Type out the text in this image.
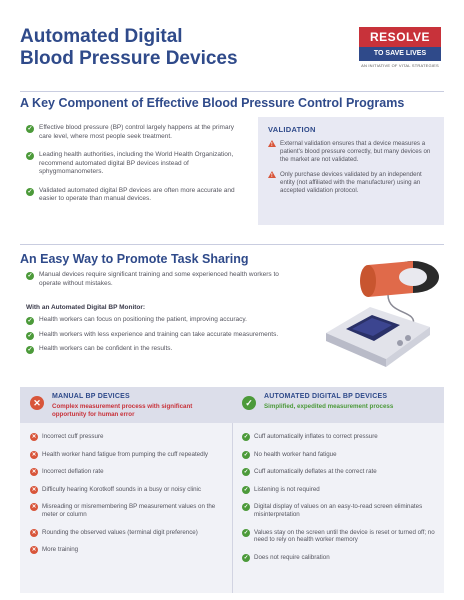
Automated Digital
Blood Pressure Devices
RESOLVE
TO SAVE LIVES
AN INITIATIVE OF VITAL STRATEGIES
A Key Component of Effective Blood Pressure Control Programs
✓ Effective blood pressure (BP) control largely happens at the primary care level, where most people seek treatment.
✓ Leading health authorities, including the World Health Organization, recommend automated digital BP devices instead of sphygmomanometers.
✓ Validated automated digital BP devices are often more accurate and easier to operate than manual devices.
VALIDATION
! External validation ensures that a device measures a patient's blood pressure correctly, but many devices on the market are not validated.
! Only purchase devices validated by an independent entity (not affiliated with the manufacturer) using an accepted validation protocol.
An Easy Way to Promote Task Sharing
✓ Manual devices require significant training and some experienced health workers to operate without mistakes.
With an Automated Digital BP Monitor:
✓ Health workers can focus on positioning the patient, improving accuracy.
✓ Health workers with less experience and training can take accurate measurements.
✓ Health workers can be confident in the results.
✕
MANUAL BP DEVICES
Complex measurement process with significant opportunity for human error
✓
AUTOMATED DIGITAL BP DEVICES
Simplified, expedited measurement process
✕ Incorrect cuff pressure
✕ Health worker hand fatigue from pumping the cuff repeatedly
✕ Incorrect deflation rate
✕ Difficulty hearing Korotkoff sounds in a busy or noisy clinic
✕ Misreading or misremembering BP measurement values on the meter or column
✕ Rounding the observed values (terminal digit preference)
✕ More training
✓ Cuff automatically inflates to correct pressure
✓ No health worker hand fatigue
✓ Cuff automatically deflates at the correct rate
✓ Listening is not required
✓ Digital display of values on an easy-to-read screen eliminates misinterpretation
✓ Values stay on the screen until the device is reset or turned off; no need to rely on health worker memory
✓ Does not require calibration
